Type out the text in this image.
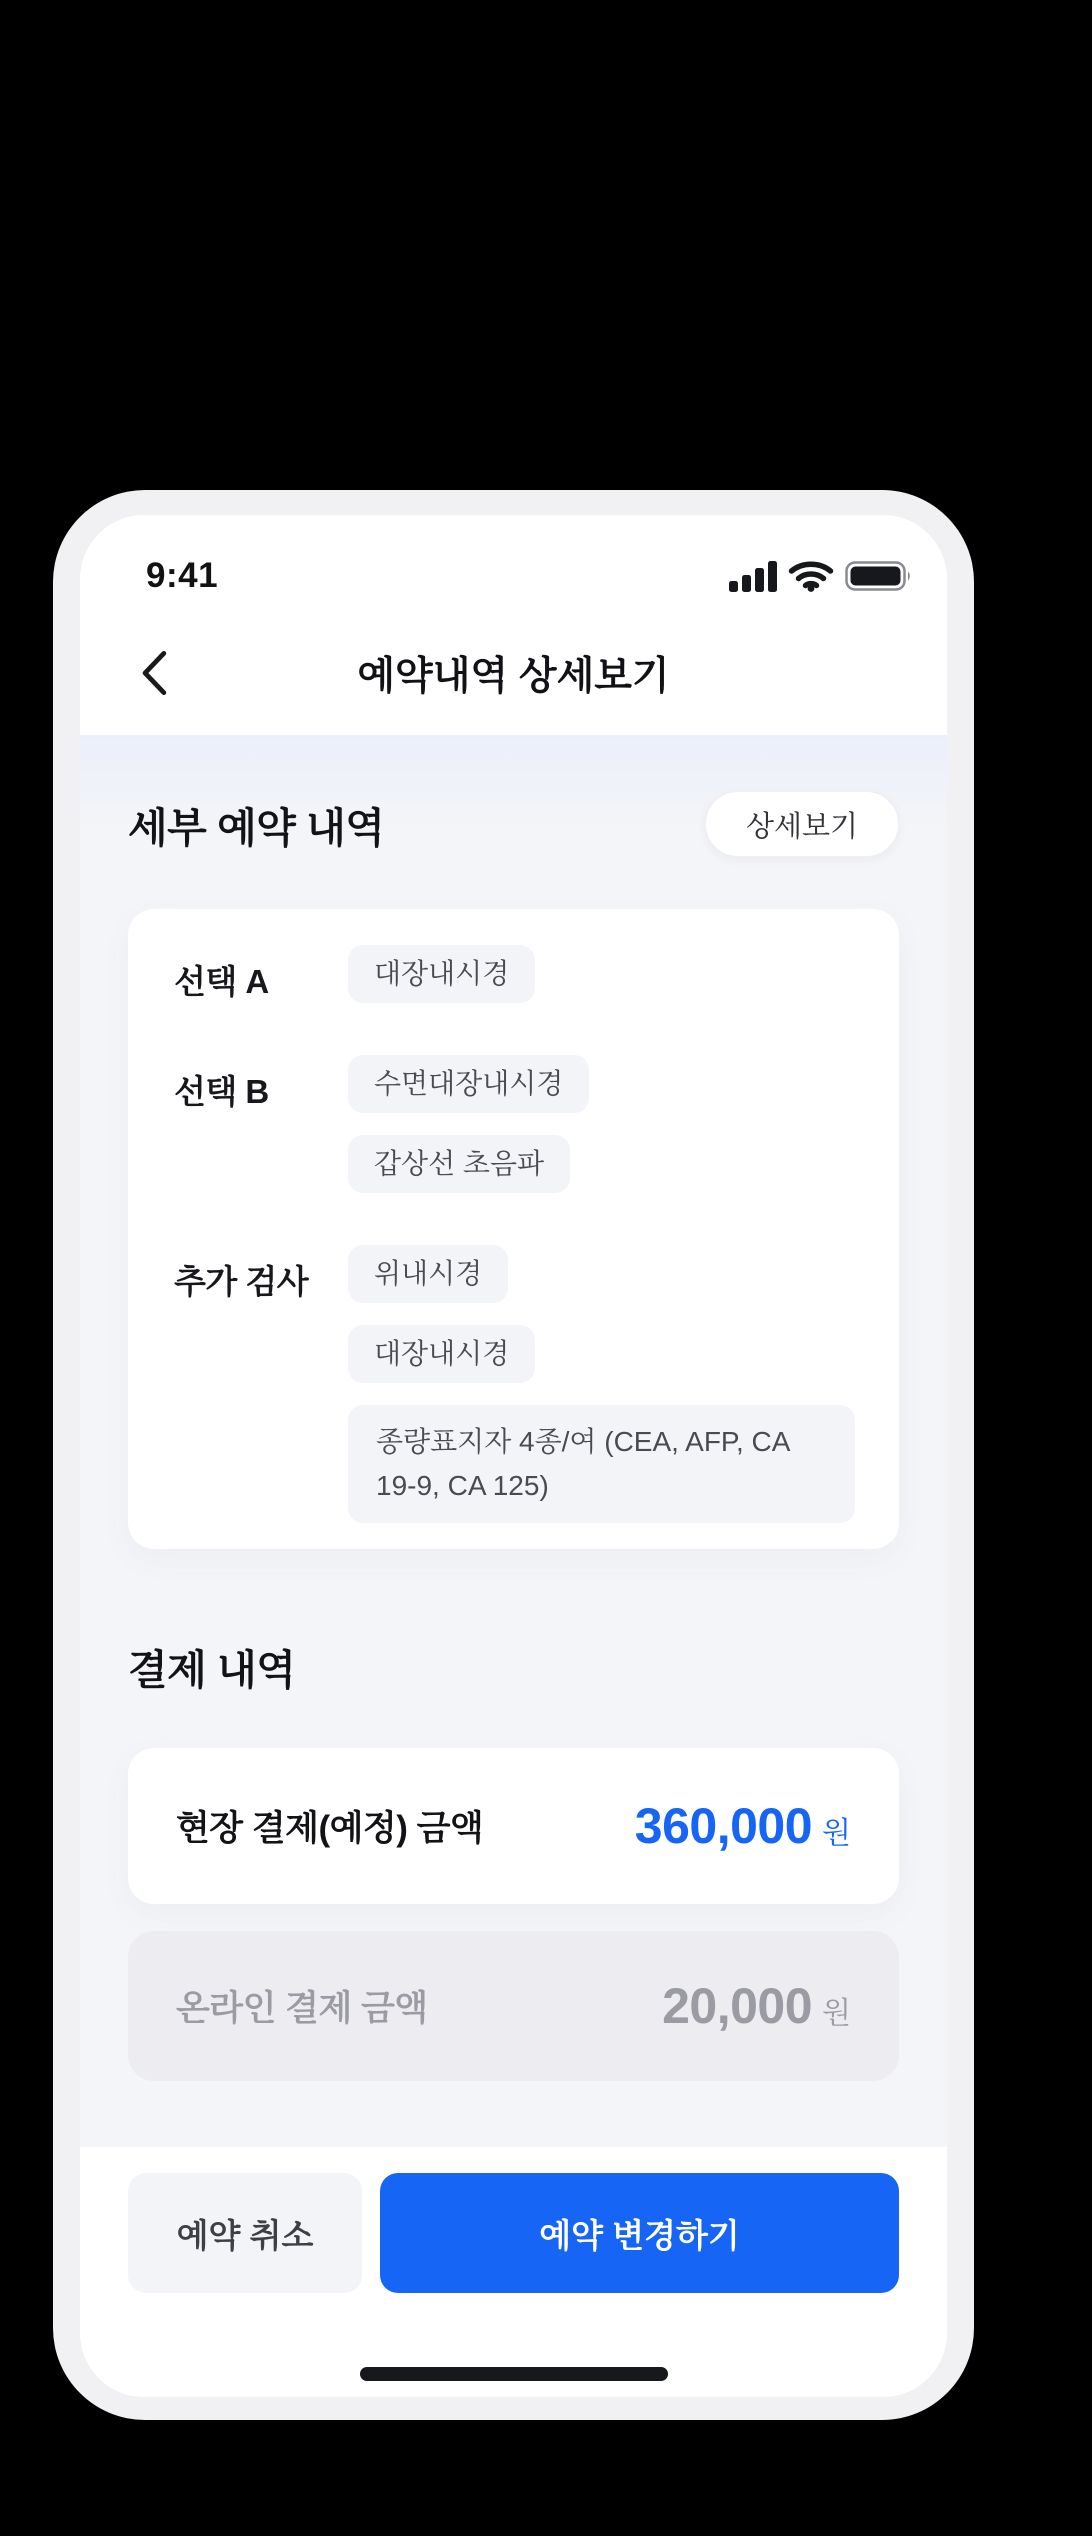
9:41
예약내역 상세보기
세부 예약 내역	상세보기
선택 A	대장내시경
선택 B	수면대장내시경
갑상선 초음파
추가 검사	위내시경
대장내시경
종량표지자 4종/여 (CEA, AFP, CA 19-9, CA 125)
결제 내역
현장 결제(예정) 금액	360,000 원
온라인 결제 금액	20,000 원
예약 취소	예약 변경하기
